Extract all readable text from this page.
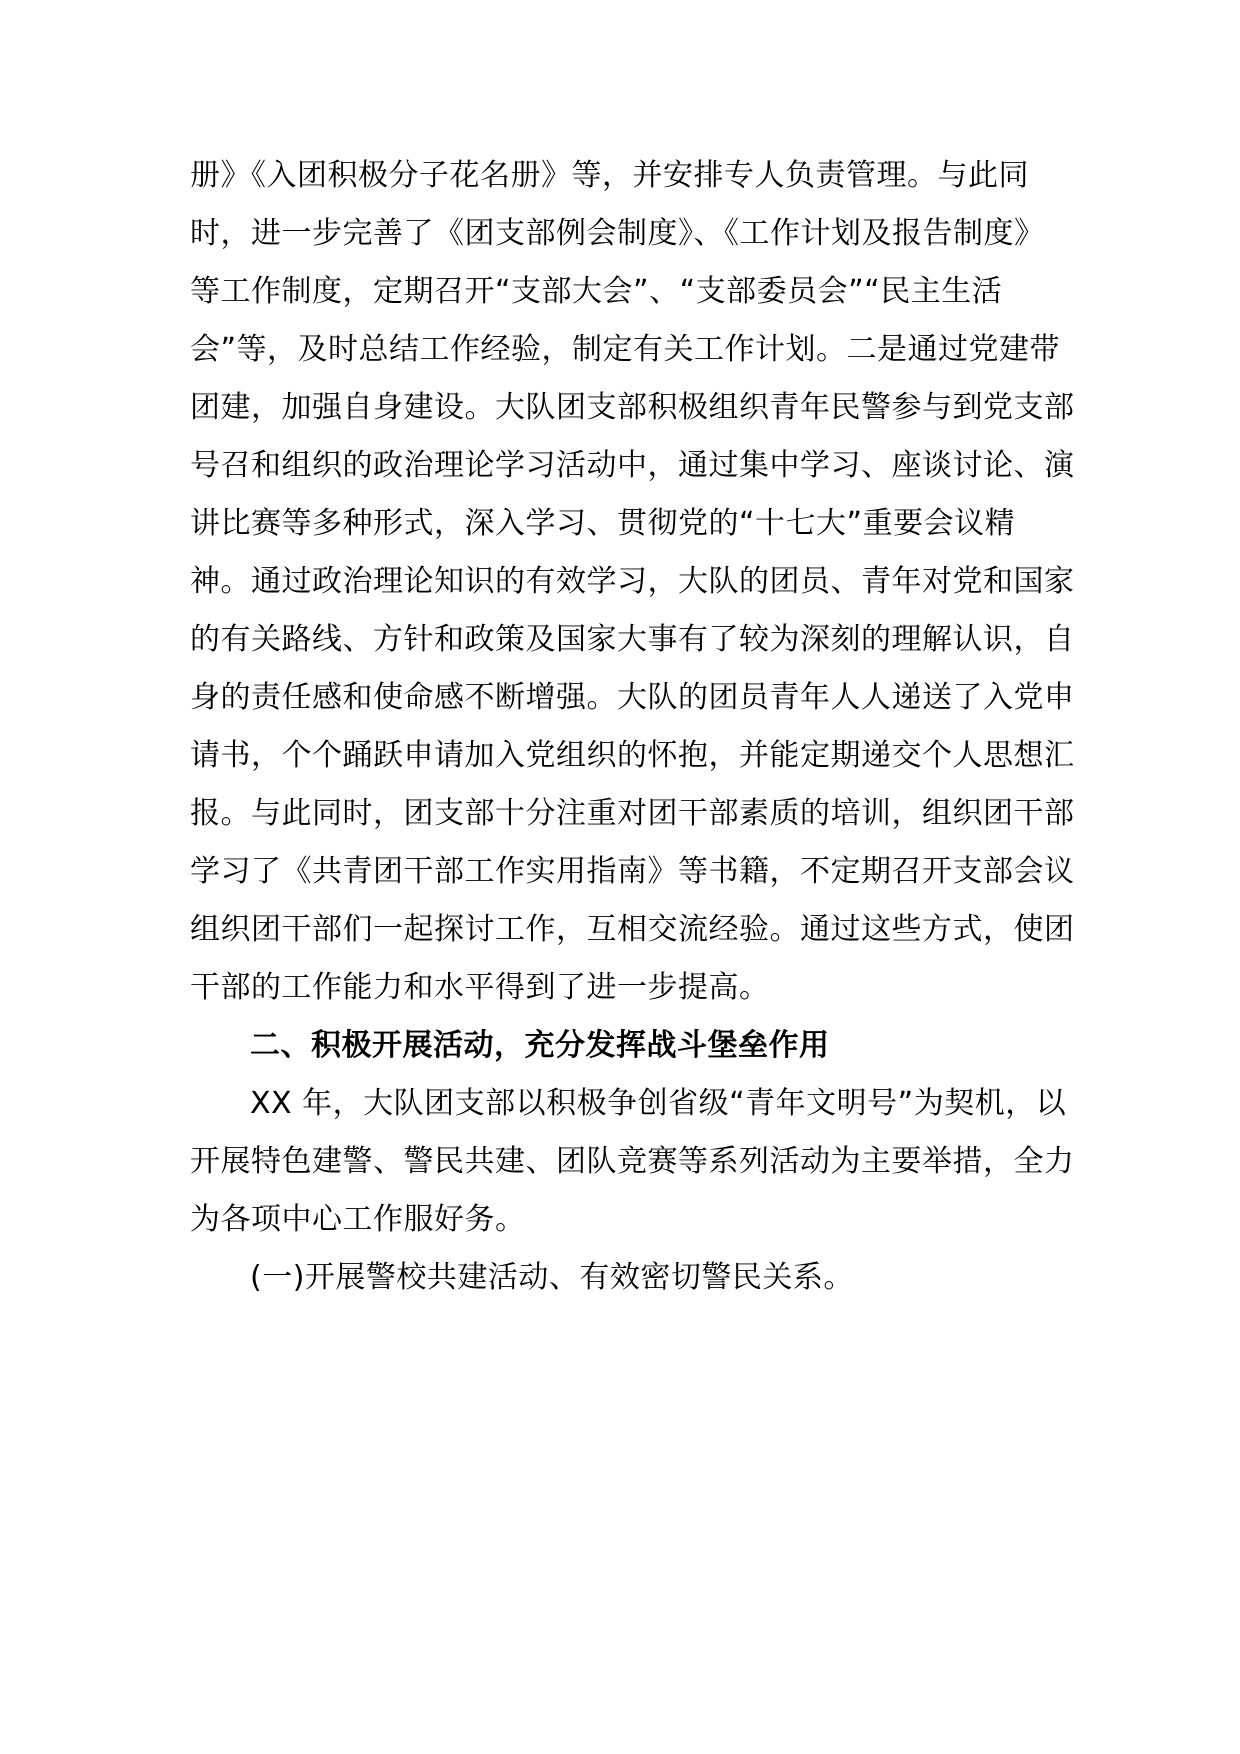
册》《入团积极分子花名册》等，并安排专人负责管理。与此同

时，进一步完善了《团支部例会制度》、《工作计划及报告制度》

等工作制度，定期召开“支部大会”、“支部委员会”“民主生活

会”等，及时总结工作经验，制定有关工作计划。二是通过党建带

团建，加强自身建设。大队团支部积极组织青年民警参与到党支部

号召和组织的政治理论学习活动中，通过集中学习、座谈讨论、演

讲比赛等多种形式，深入学习、贯彻党的“十七大”重要会议精

神。通过政治理论知识的有效学习，大队的团员、青年对党和国家

的有关路线、方针和政策及国家大事有了较为深刻的理解认识，自

身的责任感和使命感不断增强。大队的团员青年人人递送了入党申

请书，个个踊跃申请加入党组织的怀抱，并能定期递交个人思想汇

报。与此同时，团支部十分注重对团干部素质的培训，组织团干部

学习了《共青团干部工作实用指南》等书籍，不定期召开支部会议

组织团干部们一起探讨工作，互相交流经验。通过这些方式，使团

干部的工作能力和水平得到了进一步提高。

二、积极开展活动，充分发挥战斗堡垒作用

XX 年，大队团支部以积极争创省级“青年文明号”为契机，以

开展特色建警、警民共建、团队竞赛等系列活动为主要举措，全力

为各项中心工作服好务。

(一)开展警校共建活动、有效密切警民关系。
